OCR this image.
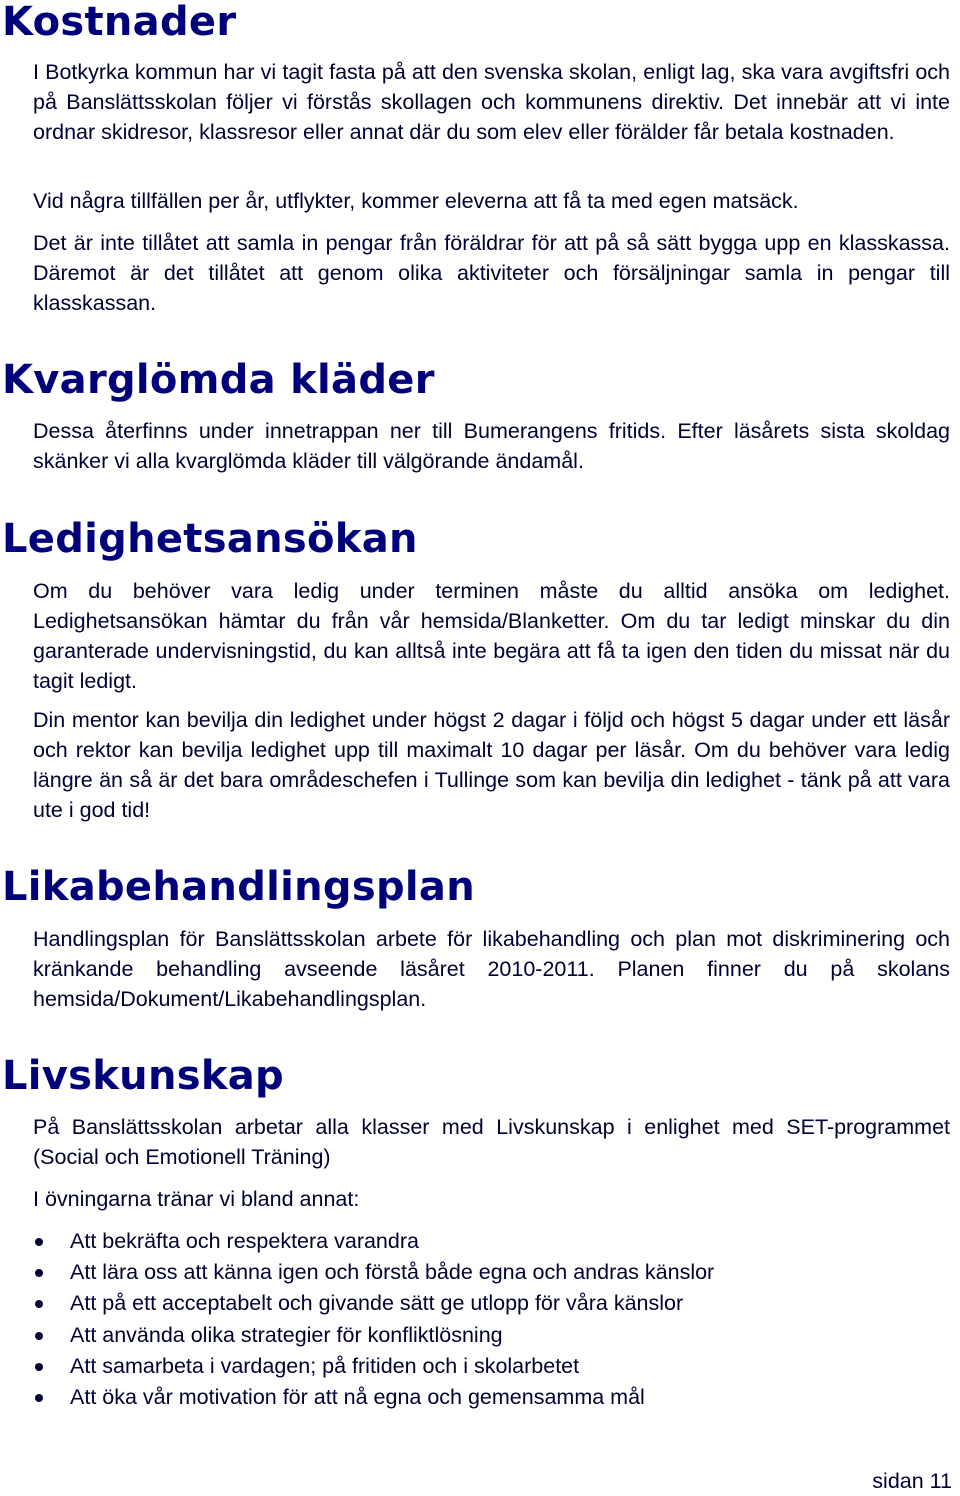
Kostnader

I Botkyrka kommun har vi tagit fasta på att den svenska skolan, enligt lag, ska vara avgiftsfri och på Banslättsskolan följer vi förstås skollagen och kommunens direktiv. Det innebär att vi inte ordnar skidresor, klassresor eller annat där du som elev eller förälder får betala kostnaden.

Vid några tillfällen per år, utflykter, kommer eleverna att få ta med egen matsäck.

Det är inte tillåtet att samla in pengar från föräldrar för att på så sätt bygga upp en klasskassa. Däremot är det tillåtet att genom olika aktiviteter och försäljningar samla in pengar till klasskassan.

Kvarglömda kläder

Dessa återfinns under innetrappan ner till Bumerangens fritids. Efter läsårets sista skoldag skänker vi alla kvarglömda kläder till välgörande ändamål.

Ledighetsansökan

Om du behöver vara ledig under terminen måste du alltid ansöka om ledighet. Ledighetsansökan hämtar du från vår hemsida/Blanketter. Om du tar ledigt minskar du din garanterade undervisningstid, du kan alltså inte begära att få ta igen den tiden du missat när du tagit ledigt.

Din mentor kan bevilja din ledighet under högst 2 dagar i följd och högst 5 dagar under ett läsår och rektor kan bevilja ledighet upp till maximalt 10 dagar per läsår. Om du behöver vara ledig längre än så är det bara områdeschefen i Tullinge som kan bevilja din ledighet - tänk på att vara ute i god tid!

Likabehandlingsplan

Handlingsplan för Banslättsskolan arbete för likabehandling och plan mot diskriminering och kränkande behandling avseende läsåret 2010-2011. Planen finner du på skolans hemsida/Dokument/Likabehandlingsplan.

Livskunskap

På Banslättsskolan arbetar alla klasser med Livskunskap i enlighet med SET-programmet (Social och Emotionell Träning)

I övningarna tränar vi bland annat:

Att bekräfta och respektera varandra
Att lära oss att känna igen och förstå både egna och andras känslor
Att på ett acceptabelt och givande sätt ge utlopp för våra känslor
Att använda olika strategier för konfliktlösning
Att samarbeta i vardagen; på fritiden och i skolarbetet
Att öka vår motivation för att nå egna och gemensamma mål
sidan 11
